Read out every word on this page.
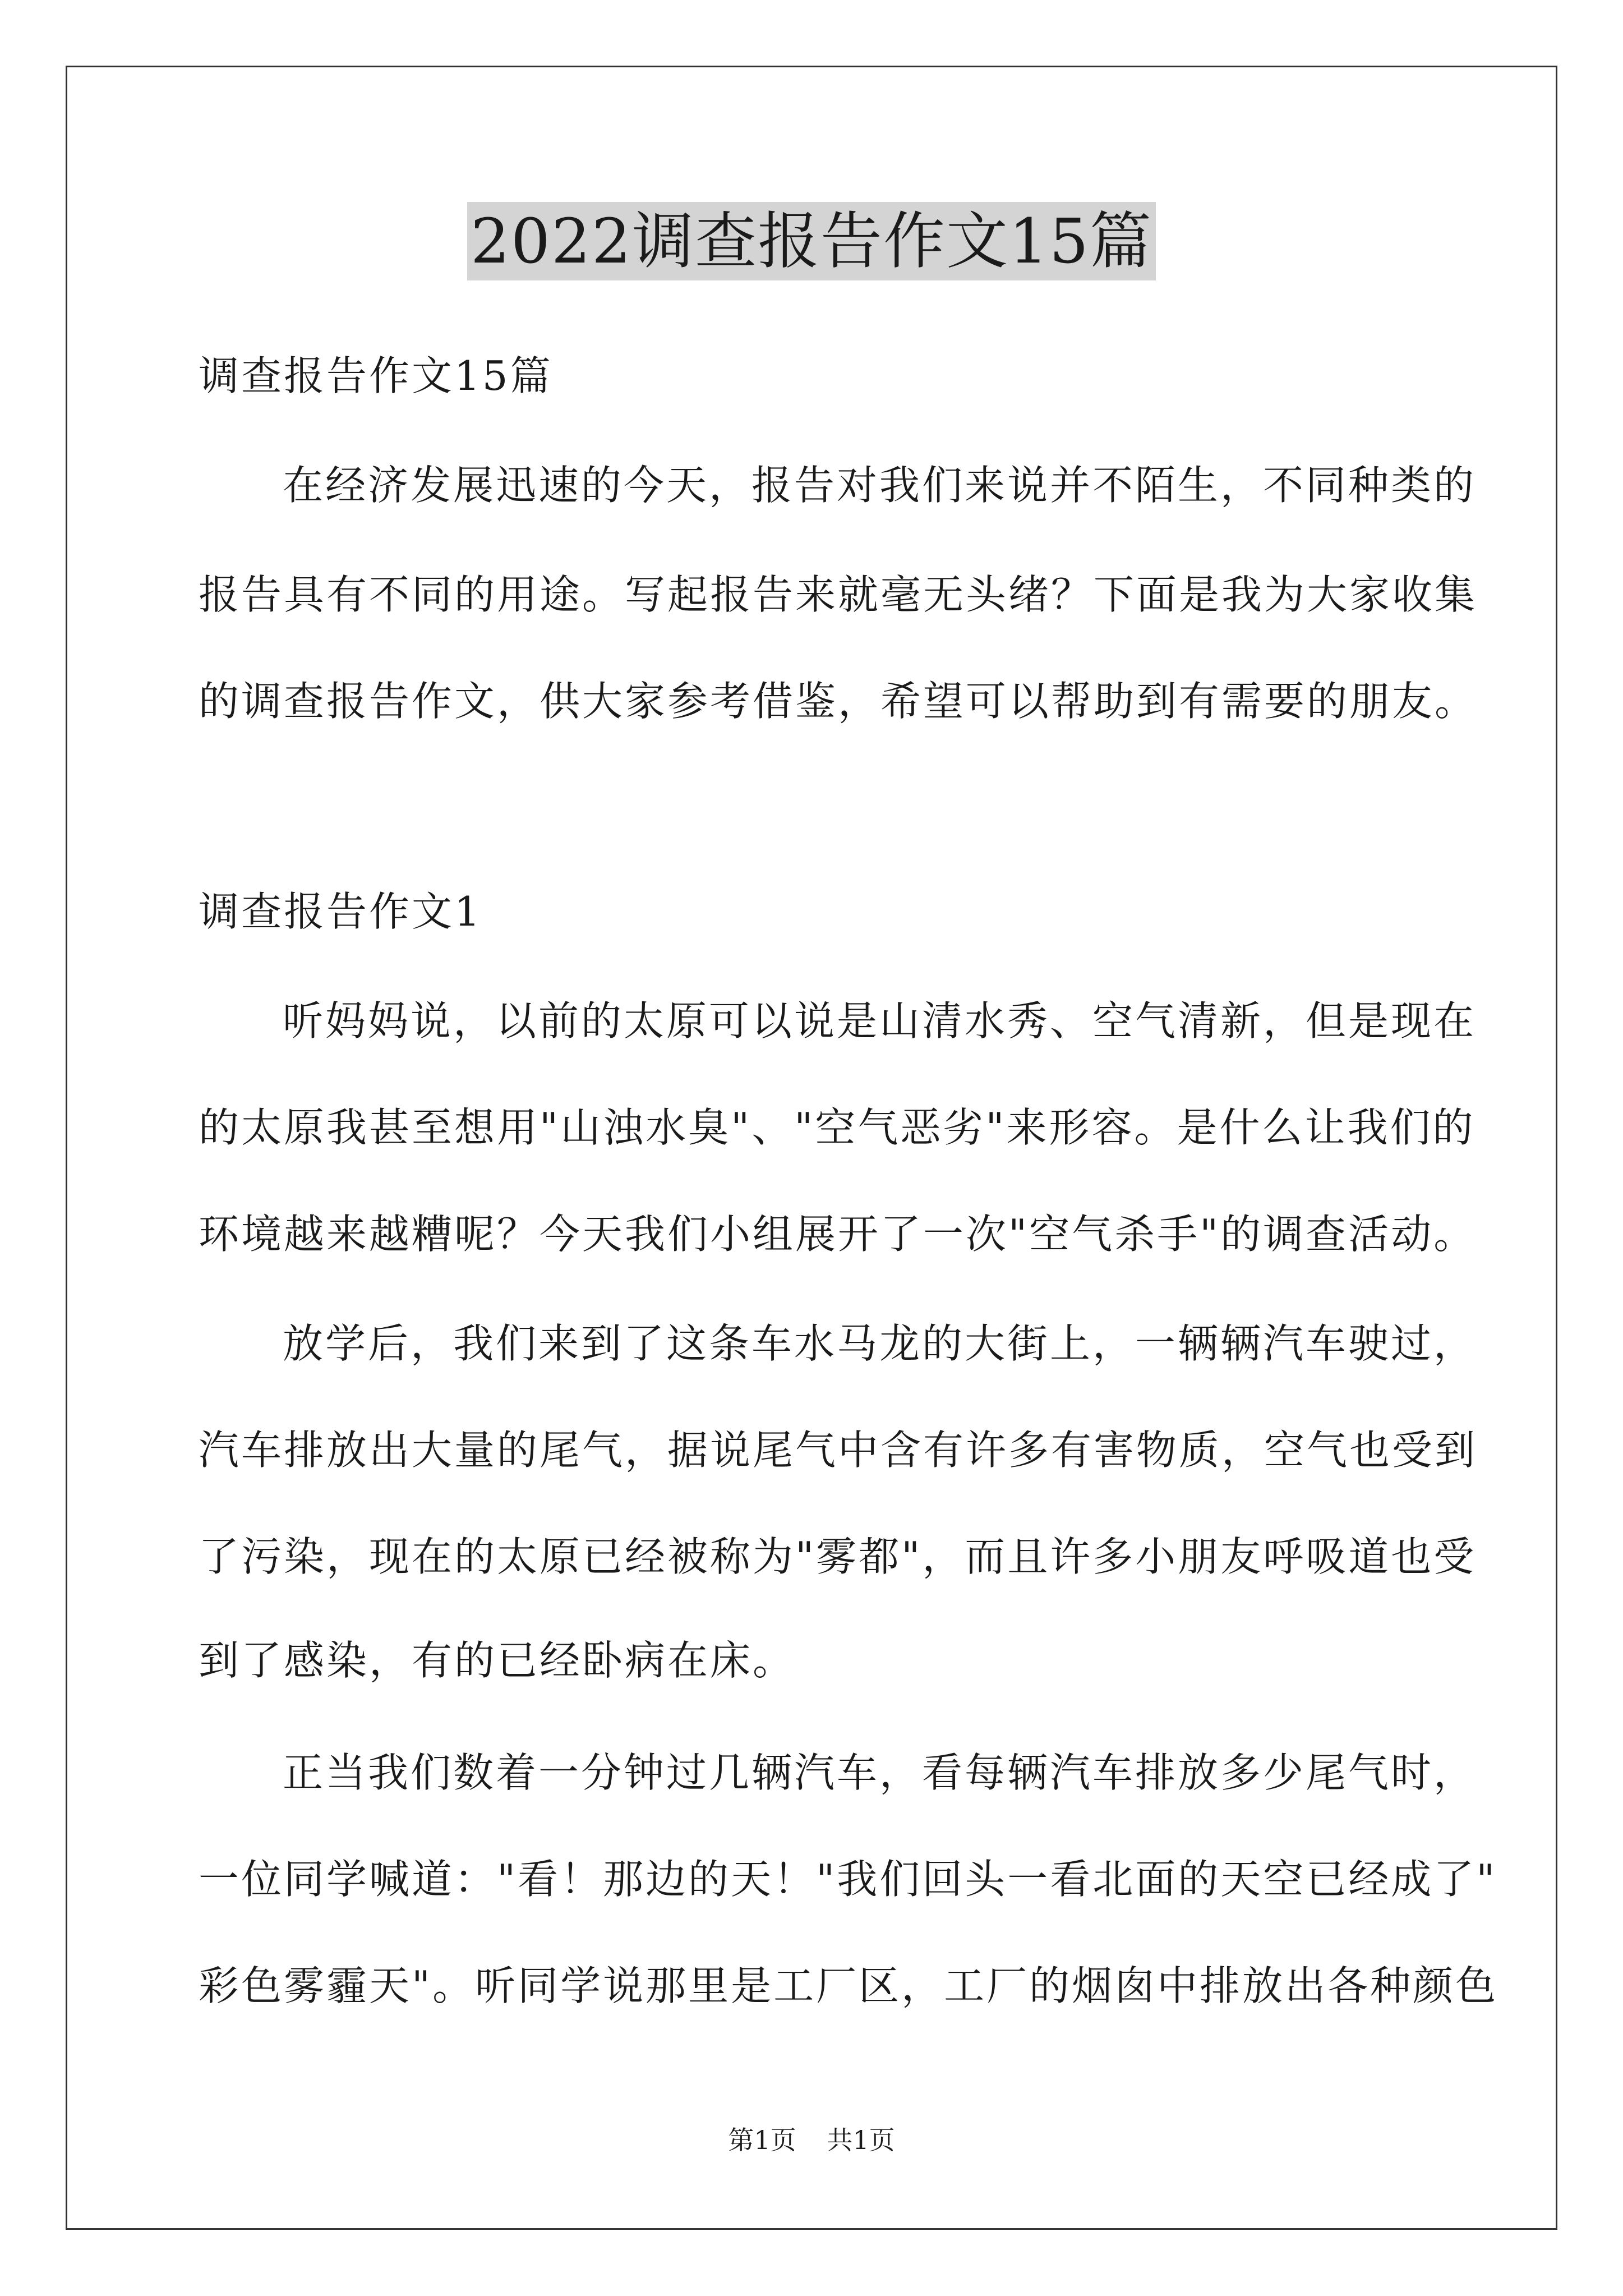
2022调查报告作文15篇
调查报告作文15篇
在经济发展迅速的今天，报告对我们来说并不陌生，不同种类的
报告具有不同的用途。写起报告来就毫无头绪？下面是我为大家收集
的调查报告作文，供大家参考借鉴，希望可以帮助到有需要的朋友。
调查报告作文1
听妈妈说，以前的太原可以说是山清水秀、空气清新，但是现在
的太原我甚至想用"山浊水臭"、"空气恶劣"来形容。是什么让我们的
环境越来越糟呢？今天我们小组展开了一次"空气杀手"的调查活动。
放学后，我们来到了这条车水马龙的大街上，一辆辆汽车驶过，
汽车排放出大量的尾气，据说尾气中含有许多有害物质，空气也受到
了污染，现在的太原已经被称为"雾都"，而且许多小朋友呼吸道也受
到了感染，有的已经卧病在床。
正当我们数着一分钟过几辆汽车，看每辆汽车排放多少尾气时，
一位同学喊道："看！那边的天！"我们回头一看北面的天空已经成了"
彩色雾霾天"。听同学说那里是工厂区，工厂的烟囱中排放出各种颜色
第1页 共1页
